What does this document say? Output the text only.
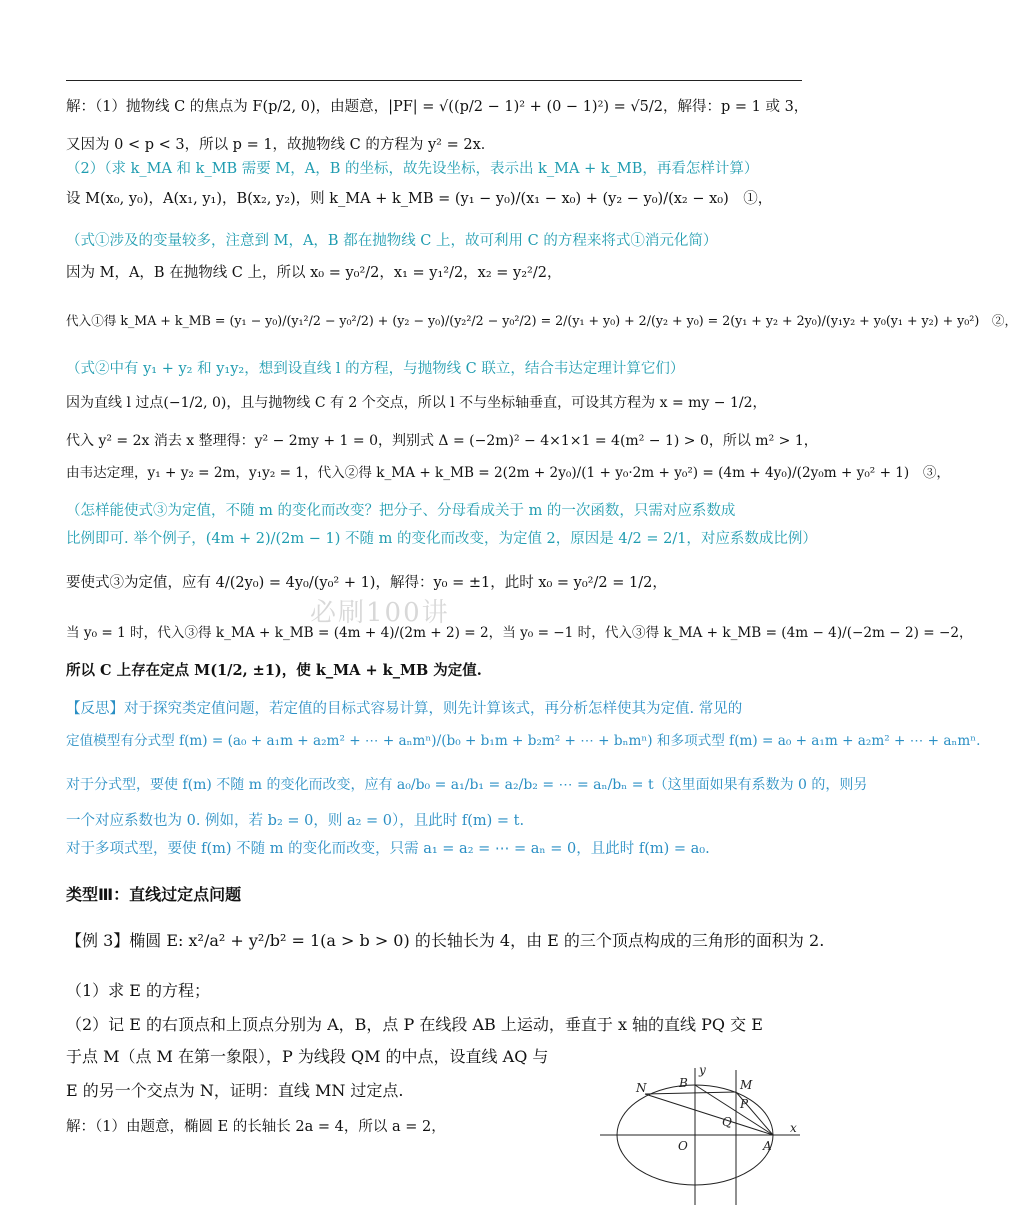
解：（1）抛物线 C 的焦点为 F(p/2, 0)，由题意，|PF| = √((p/2 − 1)² + (0 − 1)²) = √5/2，解得：p = 1 或 3，
又因为 0 < p < 3，所以 p = 1，故抛物线 C 的方程为 y² = 2x．
（2）（求 k_MA 和 k_MB 需要 M，A，B 的坐标，故先设坐标，表示出 k_MA + k_MB，再看怎样计算）
设 M(x₀, y₀)，A(x₁, y₁)，B(x₂, y₂)，则 k_MA + k_MB = (y₁ − y₀)/(x₁ − x₀) + (y₂ − y₀)/(x₂ − x₀)　①，
（式①涉及的变量较多，注意到 M，A，B 都在抛物线 C 上，故可利用 C 的方程来将式①消元化简）
因为 M，A，B 在抛物线 C 上，所以 x₀ = y₀²/2，x₁ = y₁²/2，x₂ = y₂²/2，
代入①得 k_MA + k_MB = (y₁ − y₀)/(y₁²/2 − y₀²/2) + (y₂ − y₀)/(y₂²/2 − y₀²/2) = 2/(y₁ + y₀) + 2/(y₂ + y₀) = 2(y₁ + y₂ + 2y₀)/(y₁y₂ + y₀(y₁ + y₂) + y₀²)　②，
（式②中有 y₁ + y₂ 和 y₁y₂，想到设直线 l 的方程，与抛物线 C 联立，结合韦达定理计算它们）
因为直线 l 过点(−1/2, 0)，且与抛物线 C 有 2 个交点，所以 l 不与坐标轴垂直，可设其方程为 x = my − 1/2，
代入 y² = 2x 消去 x 整理得：y² − 2my + 1 = 0，判别式 Δ = (−2m)² − 4×1×1 = 4(m² − 1) > 0，所以 m² > 1，
由韦达定理，y₁ + y₂ = 2m，y₁y₂ = 1，代入②得 k_MA + k_MB = 2(2m + 2y₀)/(1 + y₀·2m + y₀²) = (4m + 4y₀)/(2y₀m + y₀² + 1)　③，
（怎样能使式③为定值，不随 m 的变化而改变？把分子、分母看成关于 m 的一次函数，只需对应系数成
比例即可. 举个例子，(4m + 2)/(2m − 1) 不随 m 的变化而改变，为定值 2，原因是 4/2 = 2/1，对应系数成比例）
要使式③为定值，应有 4/(2y₀) = 4y₀/(y₀² + 1)，解得：y₀ = ±1，此时 x₀ = y₀²/2 = 1/2，
必刷100讲
当 y₀ = 1 时，代入③得 k_MA + k_MB = (4m + 4)/(2m + 2) = 2，当 y₀ = −1 时，代入③得 k_MA + k_MB = (4m − 4)/(−2m − 2) = −2，
所以 C 上存在定点 M(1/2, ±1)，使 k_MA + k_MB 为定值.
【反思】对于探究类定值问题，若定值的目标式容易计算，则先计算该式，再分析怎样使其为定值. 常见的
定值模型有分式型 f(m) = (a₀ + a₁m + a₂m² + ⋯ + aₙmⁿ)/(b₀ + b₁m + b₂m² + ⋯ + bₙmⁿ) 和多项式型 f(m) = a₀ + a₁m + a₂m² + ⋯ + aₙmⁿ.
对于分式型，要使 f(m) 不随 m 的变化而改变，应有 a₀/b₀ = a₁/b₁ = a₂/b₂ = ⋯ = aₙ/bₙ = t（这里面如果有系数为 0 的，则另
一个对应系数也为 0. 例如，若 b₂ = 0，则 a₂ = 0），且此时 f(m) = t.
对于多项式型，要使 f(m) 不随 m 的变化而改变，只需 a₁ = a₂ = ⋯ = aₙ = 0，且此时 f(m) = a₀.
类型Ⅲ：直线过定点问题
【例 3】椭圆 E: x²/a² + y²/b² = 1(a > b > 0) 的长轴长为 4，由 E 的三个顶点构成的三角形的面积为 2.
（1）求 E 的方程；
（2）记 E 的右顶点和上顶点分别为 A，B，点 P 在线段 AB 上运动，垂直于 x 轴的直线 PQ 交 E
于点 M（点 M 在第一象限），P 为线段 QM 的中点，设直线 AQ 与
E 的另一个交点为 N，证明：直线 MN 过定点.
解：（1）由题意，椭圆 E 的长轴长 2a = 4，所以 a = 2，
y
N	B	M
P
Q
O	A
x
